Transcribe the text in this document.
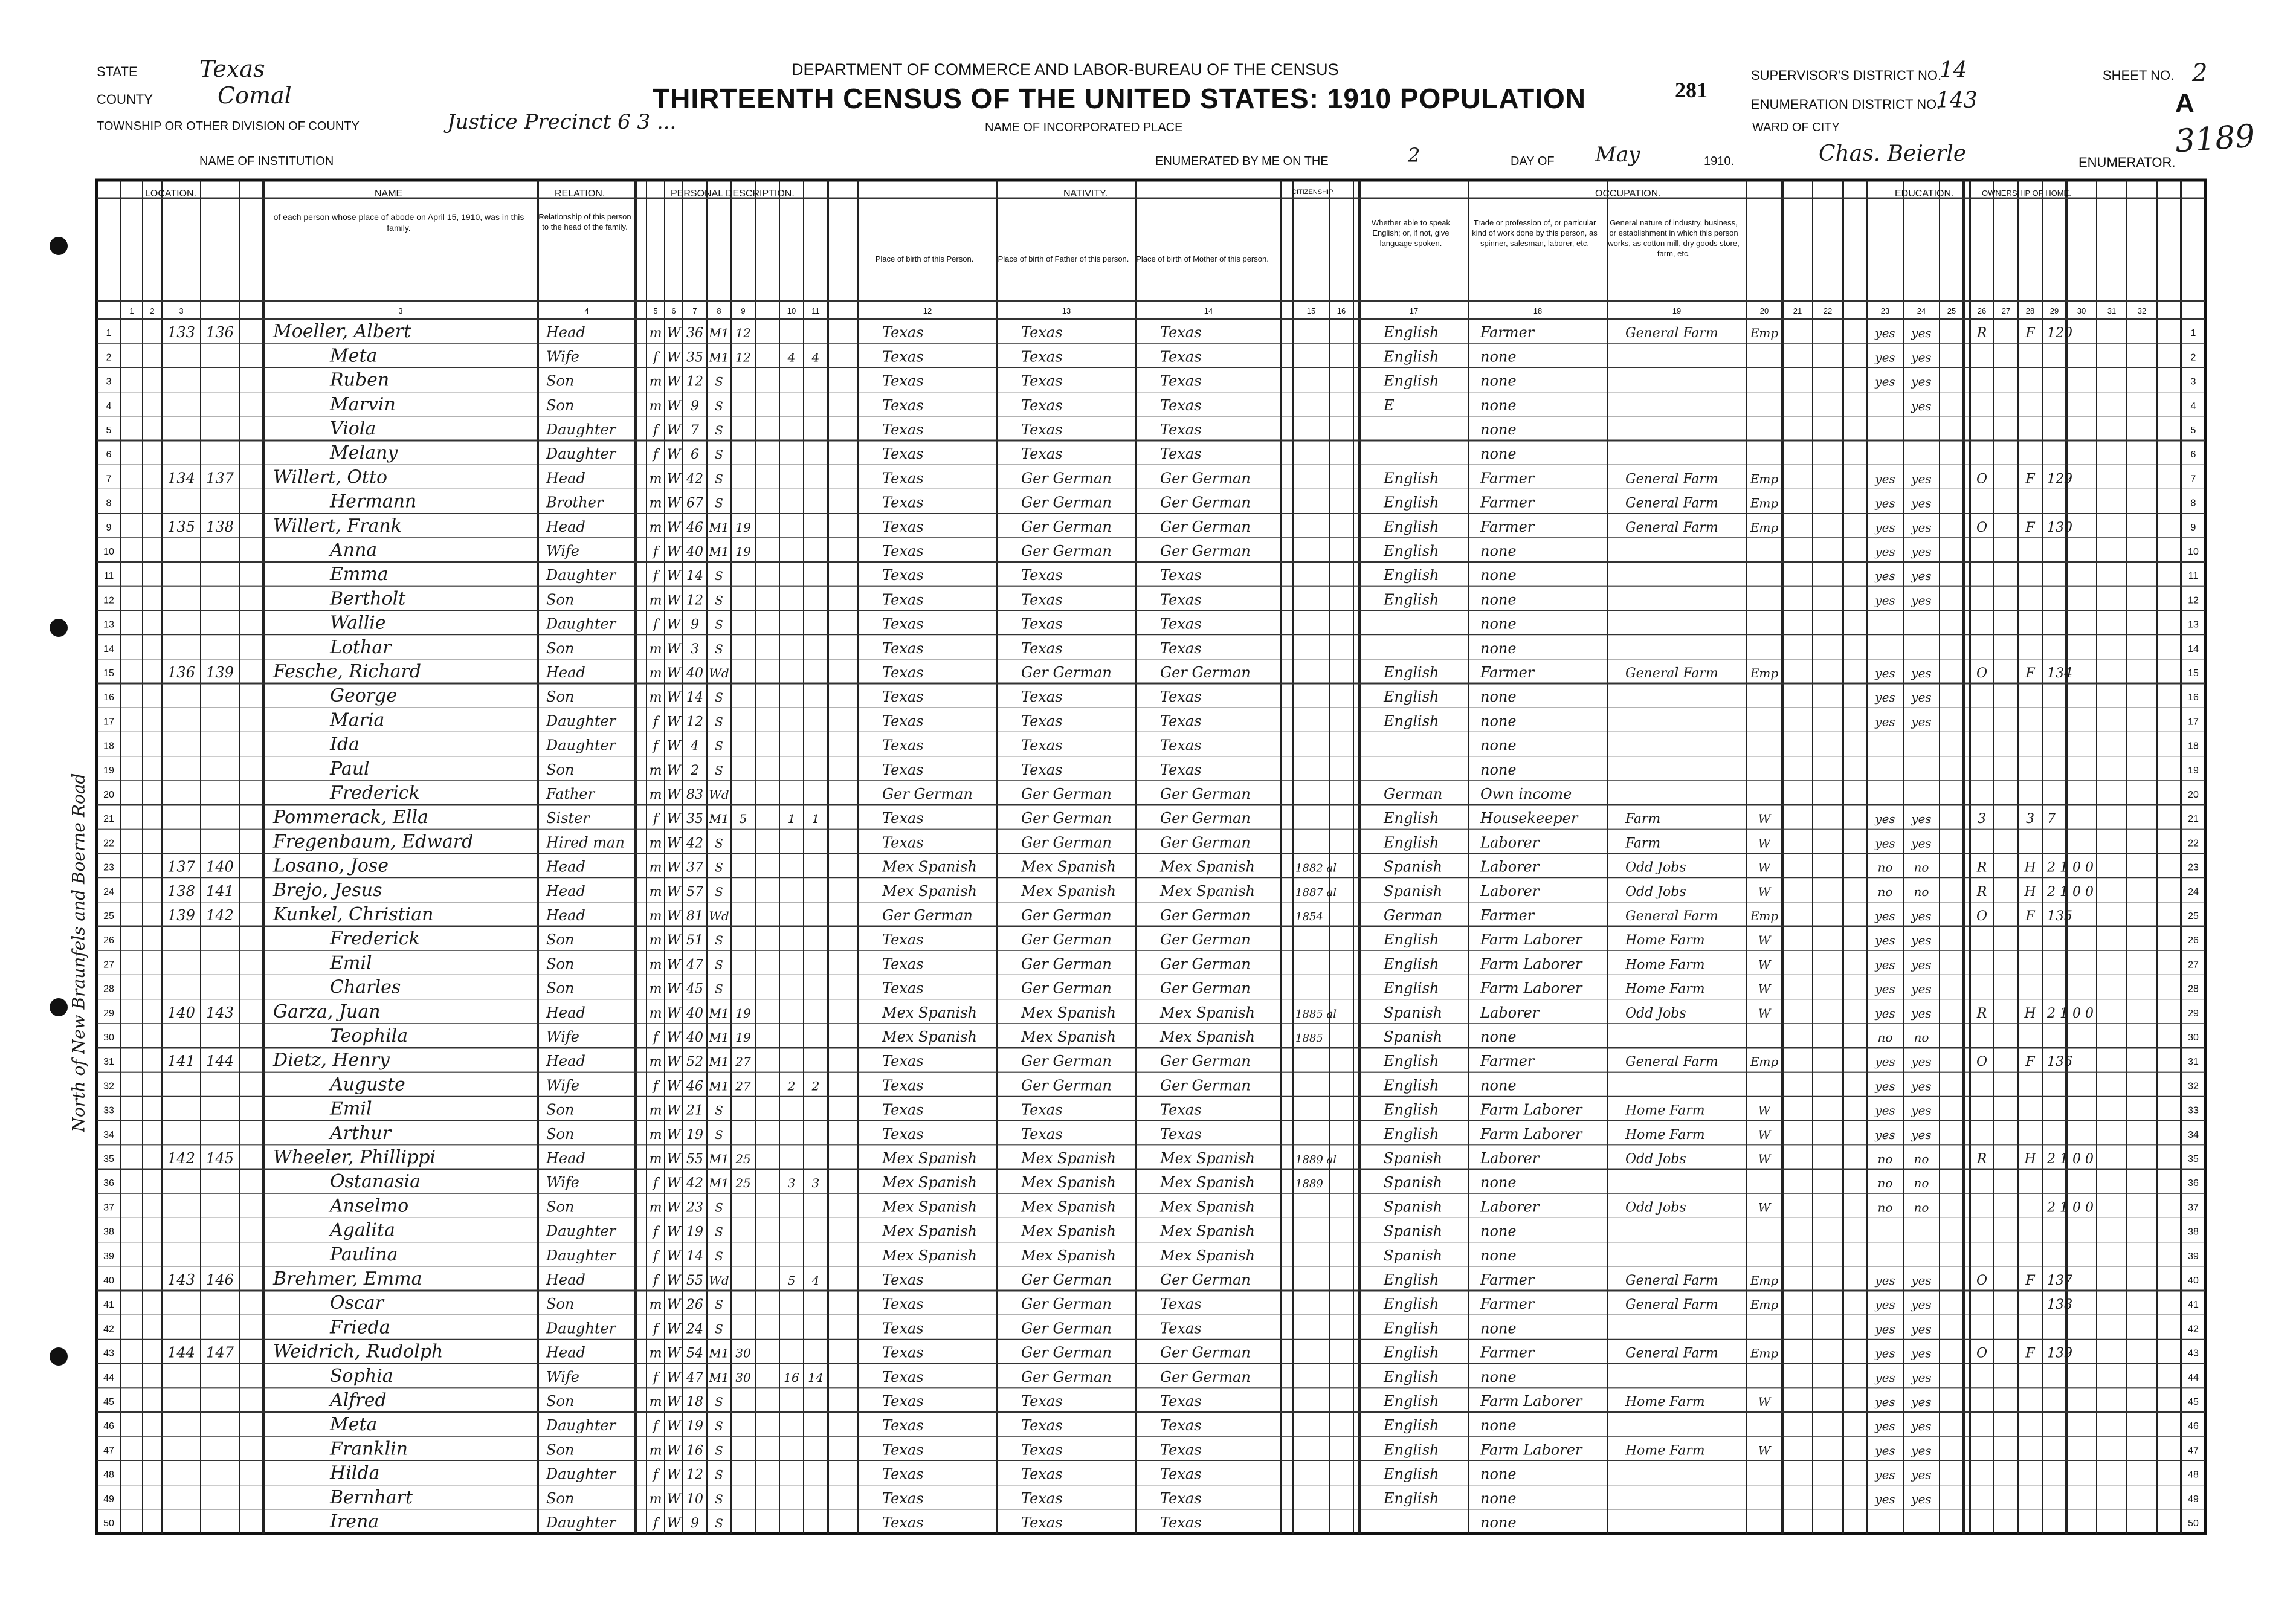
133 136 Moeller, Albert	Head	m W 36 M1 12	Texas	Texas	Texas	English	Farmer	General Farm	Emp	yes yes	R	F 120
Meta	Wife	f W 35 M1 12	4 4	Texas	Texas	Texas	English	none	yes yes
Ruben	Son	m W 12 S	Texas	Texas	Texas	English	none	yes yes
Marvin	Son	m W 9 S	Texas	Texas	Texas	E	none	yes
Viola	Daughter	f W 7 S	Texas	Texas	Texas	none
Melany	Daughter	f W 6 S	Texas	Texas	Texas	none
134 137 Willert, Otto	Head	m W 42 S	Texas	Ger German	Ger German	English	Farmer	General Farm	Emp	yes yes	O	F 129
Hermann	Brother	m W 67 S	Texas	Ger German	Ger German	English	Farmer	General Farm	Emp	yes yes
135 138 Willert, Frank	Head	m W 46 M1 19	Texas	Ger German	Ger German	English	Farmer	General Farm	Emp	yes yes	O	F 130
Anna	Wife	f W 40 M1 19	Texas	Ger German	Ger German	English	none	yes yes
Emma	Daughter	f W 14 S	Texas	Texas	Texas	English	none	yes yes
Bertholt	Son	m W 12 S	Texas	Texas	Texas	English	none	yes yes
Wallie	Daughter	f W 9 S	Texas	Texas	Texas	none
Lothar	Son	m W 3 S	Texas	Texas	Texas	none
136 139 Fesche, Richard	Head	m W 40 Wd	Texas	Ger German	Ger German	English	Farmer	General Farm	Emp	yes yes	O	F 134
George	Son	m W 14 S	Texas	Texas	Texas	English	none	yes yes
Maria	Daughter	f W 12 S	Texas	Texas	Texas	English	none	yes yes
Ida	Daughter	f W 4 S	Texas	Texas	Texas	none
Paul	Son	m W 2 S	Texas	Texas	Texas	none
Frederick	Father	m W 83 Wd	Ger German	Ger German	Ger German	German	Own income
Pommerack, Ella	Sister	f W 35 M1 5	1 1	Texas	Ger German	Ger German	English	Housekeeper	Farm	W	yes yes	3	3 7
Fregenbaum, Edward	Hired man m W 42 S	Texas	Ger German	Ger German	English	Laborer	Farm	W	yes yes
137 140 Losano, Jose	Head	m W 37 S	Mex Spanish	Mex Spanish	Mex Spanish	1882 al	Spanish	Laborer	Odd Jobs	W	no no	R	H 2 1 0 0
138 141 Brejo, Jesus	Head	m W 57 S	Mex Spanish	Mex Spanish	Mex Spanish	1887 al	Spanish	Laborer	Odd Jobs	W	no no	R	H 2 1 0 0
139 142 Kunkel, Christian	Head	m W 81 Wd	Ger German	Ger German	Ger German	1854	German	Farmer	General Farm	Emp	yes yes	O	F 135
Frederick	Son	m W 51 S	Texas	Ger German	Ger German	English	Farm Laborer	Home Farm	W	yes yes
Emil	Son	m W 47 S	Texas	Ger German	Ger German	English	Farm Laborer	Home Farm	W	yes yes
Charles	Son	m W 45 S	Texas	Ger German	Ger German	English	Farm Laborer	Home Farm	W	yes yes
140 143 Garza, Juan	Head	m W 40 M1 19	Mex Spanish	Mex Spanish	Mex Spanish	1885 al	Spanish	Laborer	Odd Jobs	W	yes yes	R	H 2 1 0 0
Teophila	Wife	f W 40 M1 19	Mex Spanish	Mex Spanish	Mex Spanish	1885	Spanish	none	no no
141 144 Dietz, Henry	Head	m W 52 M1 27	Texas	Ger German	Ger German	English	Farmer	General Farm	Emp	yes yes	O	F 136
Auguste	Wife	f W 46 M1 27	2 2	Texas	Ger German	Ger German	English	none	yes yes
Emil	Son	m W 21 S	Texas	Texas	Texas	English	Farm Laborer	Home Farm	W	yes yes
Arthur	Son	m W 19 S	Texas	Texas	Texas	English	Farm Laborer	Home Farm	W	yes yes
142 145 Wheeler, Phillippi	Head	m W 55 M1 25	Mex Spanish	Mex Spanish	Mex Spanish	1889 al	Spanish	Laborer	Odd Jobs	W	no no	R	H 2 1 0 0
Ostanasia	Wife	f W 42 M1 25	3 3	Mex Spanish	Mex Spanish	Mex Spanish	1889	Spanish	none	no no
Anselmo	Son	m W 23 S	Mex Spanish	Mex Spanish	Mex Spanish	Spanish	Laborer	Odd Jobs	W	no no	2 1 0 0
Agalita	Daughter	f W 19 S	Mex Spanish	Mex Spanish	Mex Spanish	Spanish	none
Paulina	Daughter	f W 14 S	Mex Spanish	Mex Spanish	Mex Spanish	Spanish	none
143 146 Brehmer, Emma	Head	f W 55 Wd	5 4	Texas	Ger German	Ger German	English	Farmer	General Farm	Emp	yes yes	O	F 137
Oscar	Son	m W 26 S	Texas	Ger German	Texas	English	Farmer	General Farm	Emp	yes yes	138
Frieda	Daughter	f W 24 S	Texas	Ger German	Texas	English	none	yes yes
144 147 Weidrich, Rudolph	Head	m W 54 M1 30	Texas	Ger German	Ger German	English	Farmer	General Farm	Emp	yes yes	O	F 139
Sophia	Wife	f W 47 M1 30	16 14	Texas	Ger German	Ger German	English	none	yes yes
Alfred	Son	m W 18 S	Texas	Texas	Texas	English	Farm Laborer	Home Farm	W	yes yes
Meta	Daughter	f W 19 S	Texas	Texas	Texas	English	none	yes yes
Franklin	Son	m W 16 S	Texas	Texas	Texas	English	Farm Laborer	Home Farm	W	yes yes
Hilda	Daughter	f W 12 S	Texas	Texas	Texas	English	none	yes yes
Bernhart	Son	m W 10 S	Texas	Texas	Texas	English	none	yes yes
Irena	Daughter	f W 9 S	Texas	Texas	Texas	none
1 2	3	3	4	5 6 7	8	9	10 11	12	13	14	15	16	17	18	19	20	21	22	23	24	25	26 27 28 29 30	31	32
1	1
2	2
3	3
4	4
5	5
6	6
7	7
8	8
9	9
10	10
11	11
12	12
13	13
14	14
15	15
16	16
17	17
18	18
19	19
20	20
21	21
22	22
23	23
24	24
25	25
26	26
27	27
28	28
29	29
30	30
31	31
32	32
33	33
34	34
35	35
36	36
37	37
38	38
39	39
40	40
41	41
42	42
43	43
44	44
45	45
46	46
47	47
48	48
49	49
50	50
STATE	Texas
COUNTY	Comal
TOWNSHIP OR OTHER DIVISION OF COUNTY	Justice Precinct 6 3 ...	NAME OF INCORPORATED PLACE	WARD OF CITY
NAME OF INSTITUTION
DEPARTMENT OF COMMERCE AND LABOR-BUREAU OF THE CENSUS
THIRTEENTH CENSUS OF THE UNITED STATES: 1910 POPULATION	281
ENUMERATED BY ME ON THE	2	DAY OF May	1910.	Chas. Beierle	ENUMERATOR.
3189
SUPERVISOR'S DISTRICT NO.
14
ENUMERATION DISTRICT NO.
143
SHEET NO. 2
A
LOCATION.	NAME	RELATION.	PERSONAL DESCRIPTION.	NATIVITY.	CITIZENSHIP.	OCCUPATION.	EDUCATION.	OWNERSHIP OF HOME.
of each person whose place of abode on April 15, 1910, was in this family.
Relationship of this person to the head of the family.
Place of birth of this Person.	Place of birth of Father of this person. Place of birth of Mother of this person.
Whether able to speak English; or, if not, give language spoken.
Trade or profession of, or particular kind of work done by this person, as spinner, salesman, laborer, etc.
General nature of industry, business, or establishment in which this person works, as cotton mill, dry goods store, farm, etc.
North of New Braunfels and Boerne Road
